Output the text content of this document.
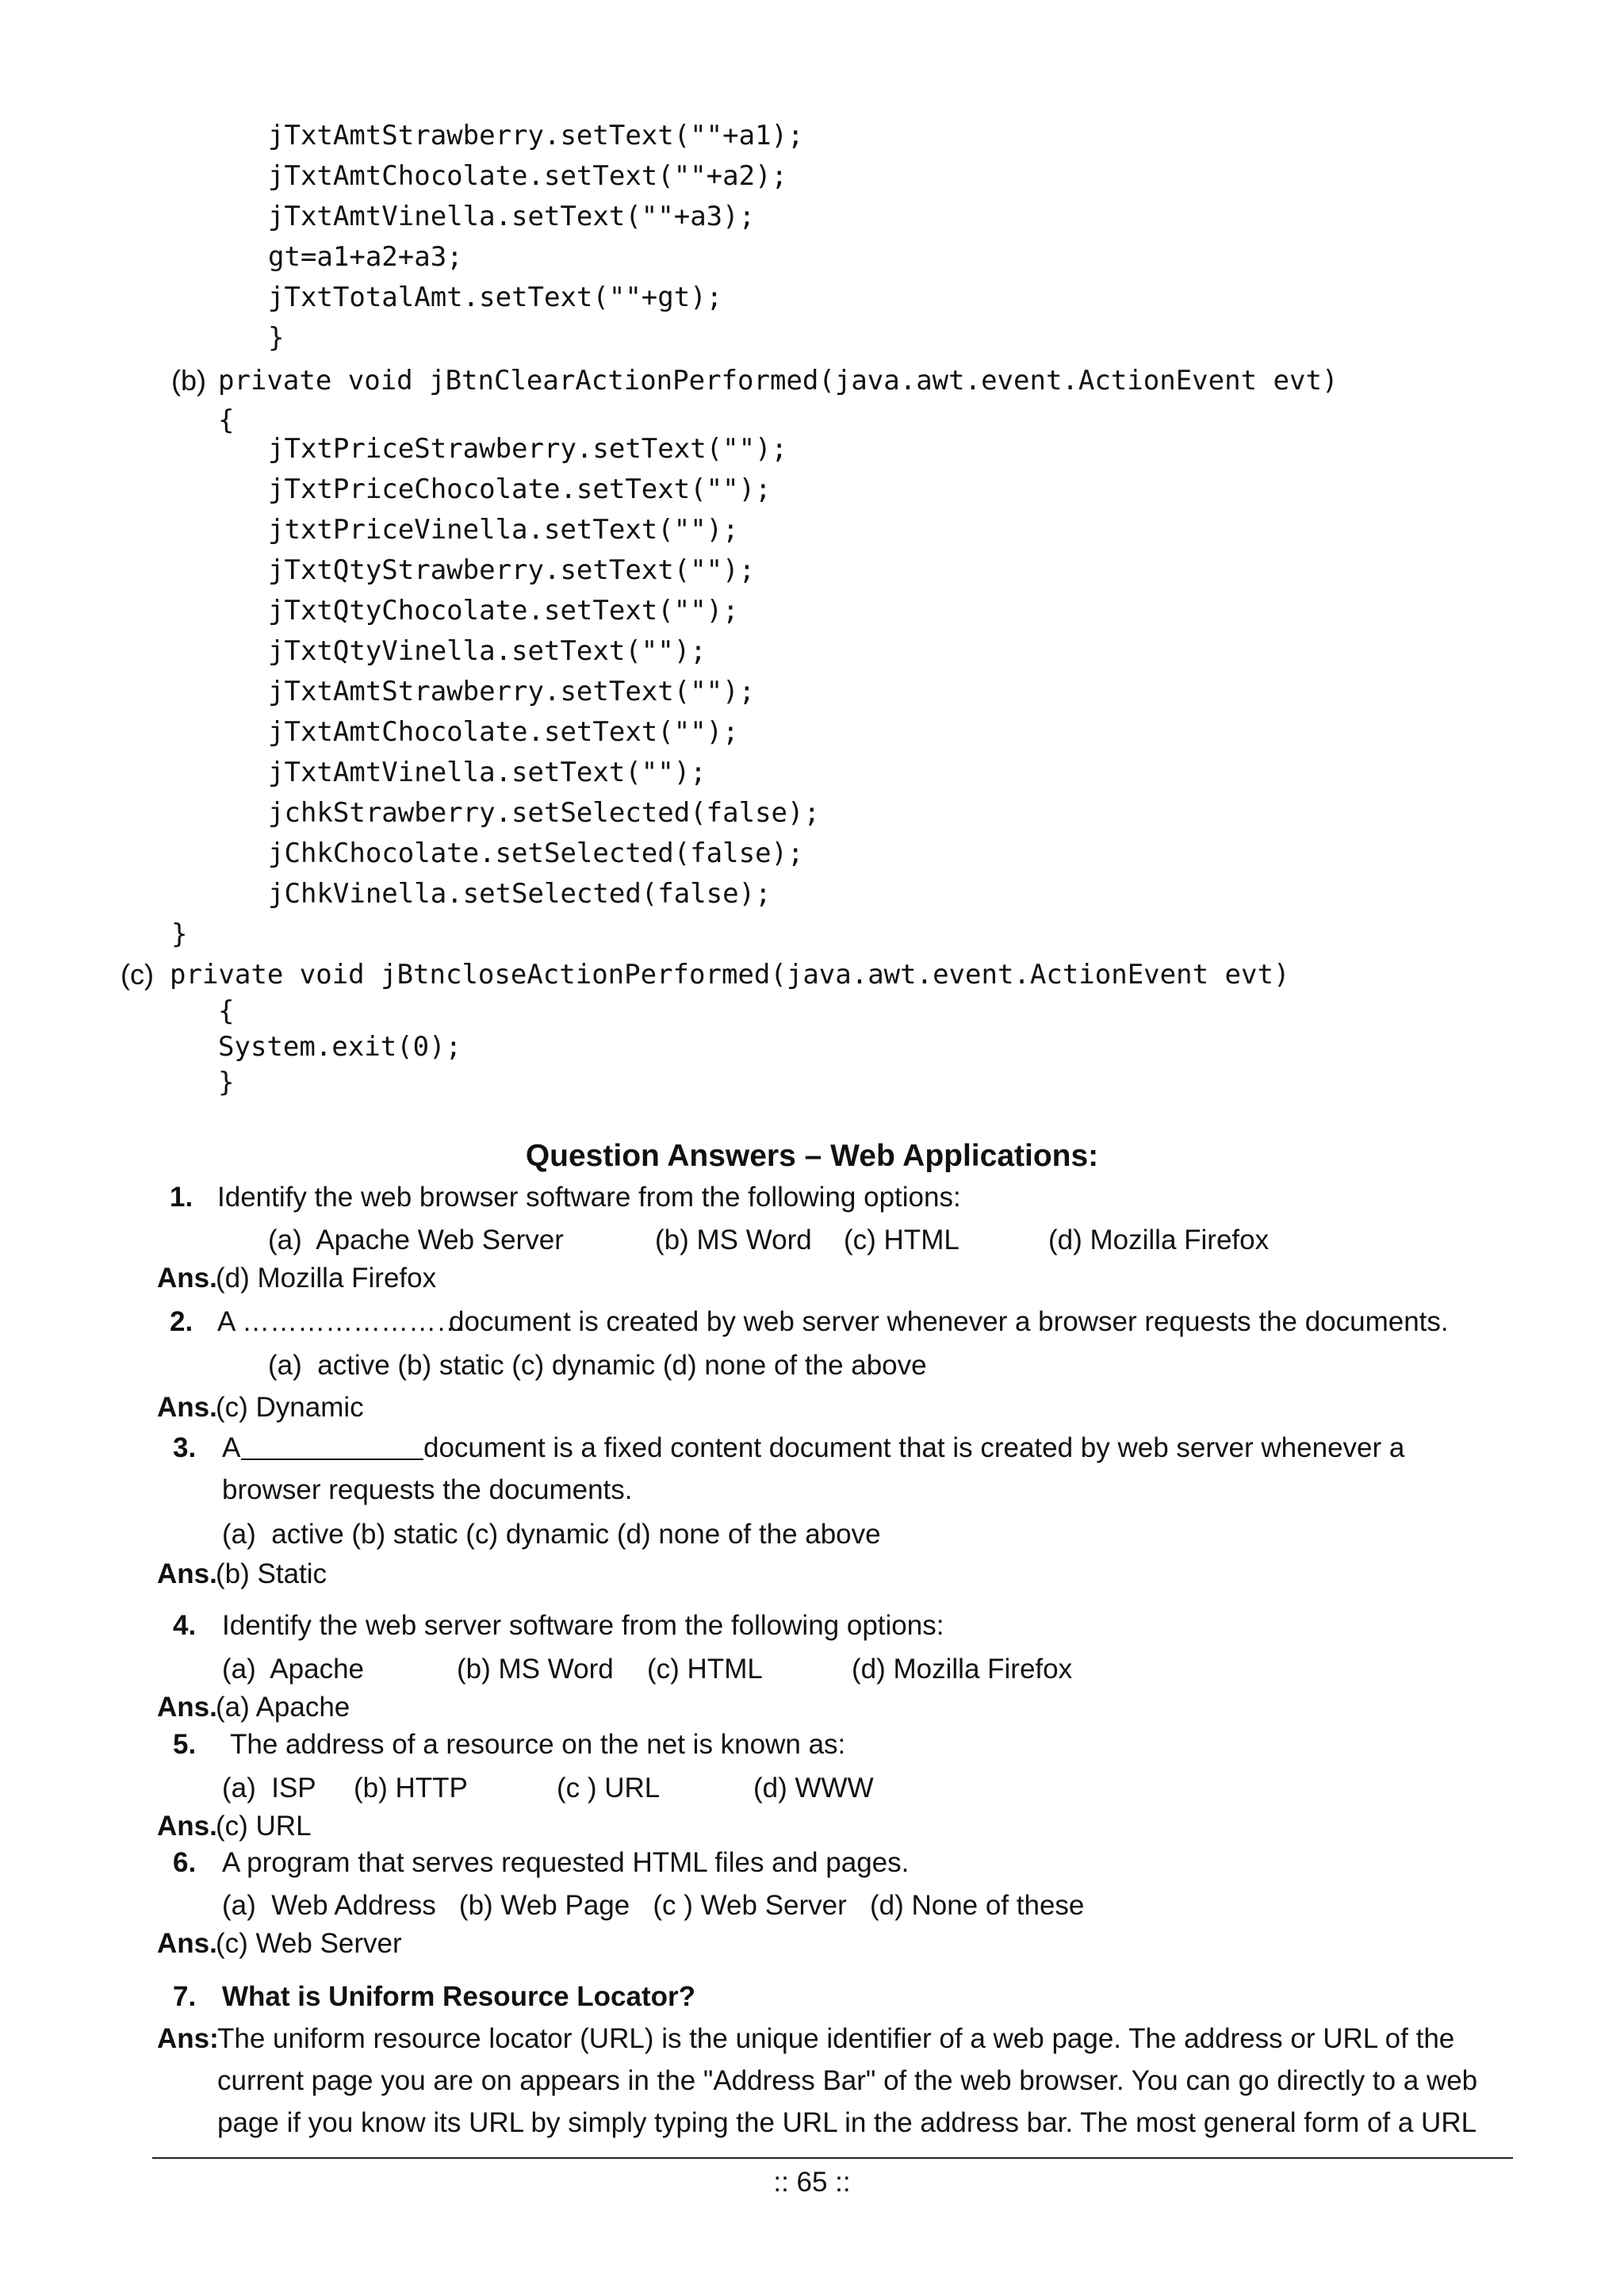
jTxtAmtStrawberry.setText(""+a1);
jTxtAmtChocolate.setText(""+a2);
jTxtAmtVinella.setText(""+a3);
gt=a1+a2+a3;
jTxtTotalAmt.setText(""+gt);
}
(b) private void jBtnClearActionPerformed(java.awt.event.ActionEvent evt)
{
jTxtPriceStrawberry.setText("");
jTxtPriceChocolate.setText("");
jtxtPriceVinella.setText("");
jTxtQtyStrawberry.setText("");
jTxtQtyChocolate.setText("");
jTxtQtyVinella.setText("");
jTxtAmtStrawberry.setText("");
jTxtAmtChocolate.setText("");
jTxtAmtVinella.setText("");
jchkStrawberry.setSelected(false);
jChkChocolate.setSelected(false);
jChkVinella.setSelected(false);
}
(c) private void jBtncloseActionPerformed(java.awt.event.ActionEvent evt)
{
System.exit(0);
}
Question Answers – Web Applications:
1. Identify the web browser software from the following options:
(a)  Apache Web Server	(b) MS Word (c) HTML	(d) Mozilla Firefox
Ans.
(d) Mozilla Firefox
2. A ……………………
document is created by web server whenever a browser requests the documents.
(a)  active (b) static (c) dynamic (d) none of the above
Ans.
(c) Dynamic
3. A	document is a fixed content document that is created by web server whenever a
browser requests the documents.
(a)  active (b) static (c) dynamic (d) none of the above
Ans.
(b) Static
4. Identify the web server software from the following options:
(a)  Apache	(b) MS Word (c) HTML	(d) Mozilla Firefox
Ans.
(a) Apache
5. The address of a resource on the net is known as:
(a)  ISP (b) HTTP	(c ) URL	(d) WWW
Ans.
(c) URL
6. A program that serves requested HTML files and pages.
(a)  Web Address   (b) Web Page   (c ) Web Server   (d) None of these
Ans.
(c) Web Server
7. What is Uniform Resource Locator?
Ans:
The uniform resource locator (URL) is the unique identifier of a web page. The address or URL of the
current page you are on appears in the "Address Bar" of the web browser. You can go directly to a web
page if you know its URL by simply typing the URL in the address bar. The most general form of a URL
:: 65 ::
